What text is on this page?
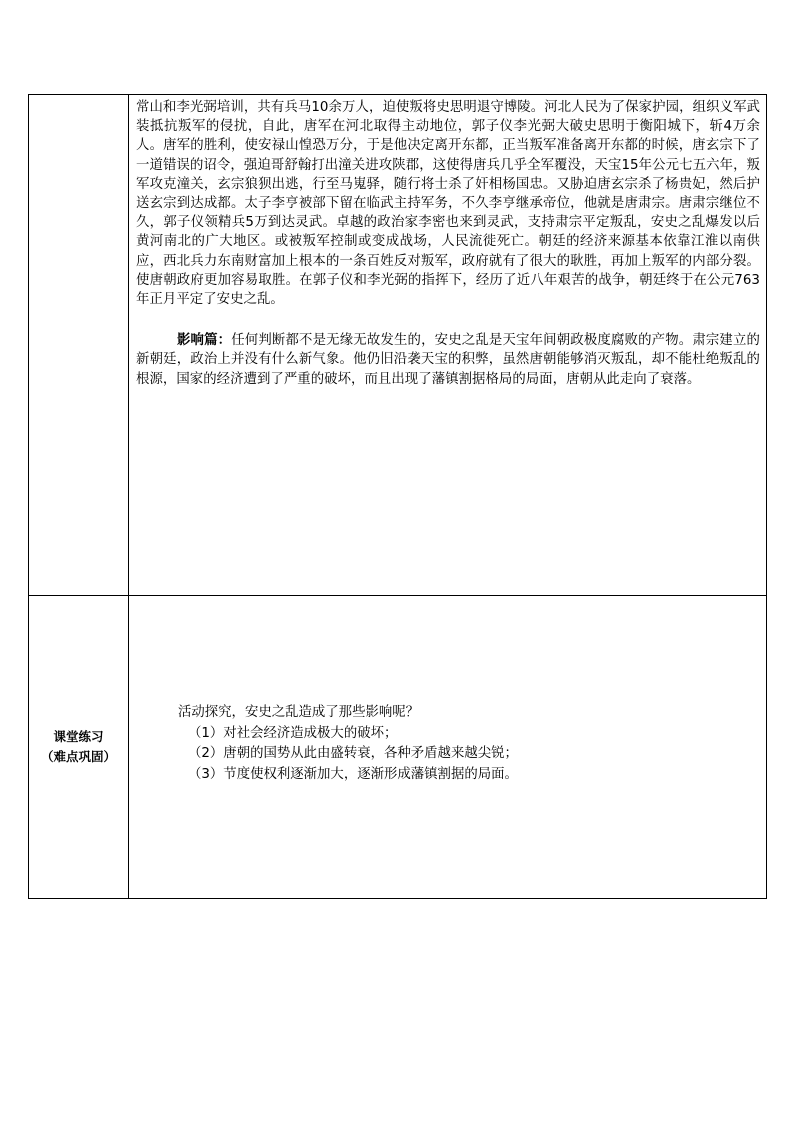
	常山和李光弼培训，共有兵马10余万人，迫使叛将史思明退守博陵。河北人民为了保家护园，组织义军武装抵抗叛军的侵扰，自此，唐军在河北取得主动地位，郭子仪李光弼大破史思明于衡阳城下，斩4万余人。唐军的胜利，使安禄山惶恐万分，于是他决定离开东都，正当叛军准备离开东都的时候，唐玄宗下了一道错误的诏令，强迫哥舒翰打出潼关进攻陕郡，这使得唐兵几乎全军覆没，天宝15年公元七五六年，叛军攻克潼关，玄宗狼狈出逃，行至马嵬驿，随行将士杀了奸相杨国忠。又胁迫唐玄宗杀了杨贵妃，然后护送玄宗到达成都。太子李亨被部下留在临武主持军务，不久李亨继承帝位，他就是唐肃宗。唐肃宗继位不久，郭子仪领精兵5万到达灵武。卓越的政治家李密也来到灵武，支持肃宗平定叛乱，安史之乱爆发以后黄河南北的广大地区。或被叛军控制或变成战场，人民流徙死亡。朝廷的经济来源基本依靠江淮以南供应，西北兵力东南财富加上根本的一条百姓反对叛军，政府就有了很大的耿胜，再加上叛军的内部分裂。使唐朝政府更加容易取胜。在郭子仪和李光弼的指挥下，经历了近八年艰苦的战争，朝廷终于在公元763年正月平定了安史之乱。

影响篇：任何判断都不是无缘无故发生的，安史之乱是天宝年间朝政极度腐败的产物。肃宗建立的新朝廷，政治上并没有什么新气象。他仍旧沿袭天宝的积弊，虽然唐朝能够消灭叛乱，却不能杜绝叛乱的根源，国家的经济遭到了严重的破坏，而且出现了藩镇割据格局的局面，唐朝从此走向了衰落。

课堂练习
（难点巩固）	活动探究，安史之乱造成了那些影响呢？
（1）对社会经济造成极大的破坏；
（2）唐朝的国势从此由盛转衰，各种矛盾越来越尖锐；
（3）节度使权利逐渐加大，逐渐形成藩镇割据的局面。
